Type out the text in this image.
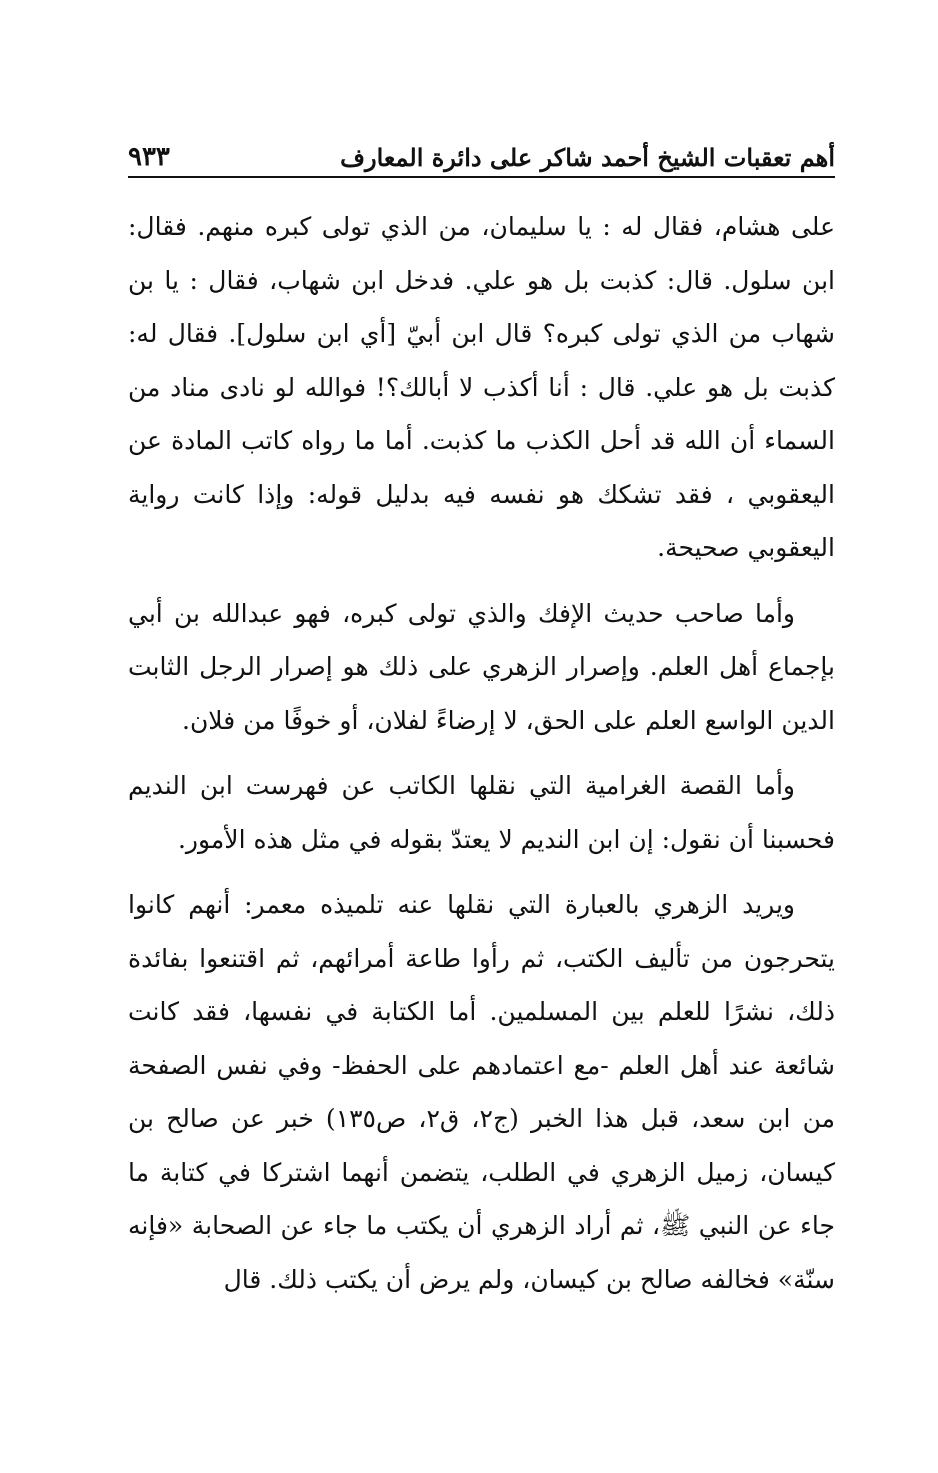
أهم تعقبات الشيخ أحمد شاكر على دائرة المعارف
٩٣٣

على هشام، فقال له : يا سليمان، من الذي تولى كبره منهم. فقال: ابن سلول. قال: كذبت بل هو علي. فدخل ابن شهاب، فقال : يا بن شهاب من الذي تولى كبره؟ قال ابن أبيّ [أي ابن سلول]. فقال له: كذبت بل هو علي. قال : أنا أكذب لا أبالك؟! فوالله لو نادى مناد من السماء أن الله قد أحل الكذب ما كذبت. أما ما رواه كاتب المادة عن اليعقوبي ، فقد تشكك هو نفسه فيه بدليل قوله: وإذا كانت رواية اليعقوبي صحيحة.

وأما صاحب حديث الإفك والذي تولى كبره، فهو عبدالله بن أبي بإجماع أهل العلم. وإصرار الزهري على ذلك هو إصرار الرجل الثابت الدين الواسع العلم على الحق، لا إرضاءً لفلان، أو خوفًا من فلان.

وأما القصة الغرامية التي نقلها الكاتب عن فهرست ابن النديم فحسبنا أن نقول: إن ابن النديم لا يعتدّ بقوله في مثل هذه الأمور.

ويريد الزهري بالعبارة التي نقلها عنه تلميذه معمر: أنهم كانوا يتحرجون من تأليف الكتب، ثم رأوا طاعة أمرائهم، ثم اقتنعوا بفائدة ذلك، نشرًا للعلم بين المسلمين. أما الكتابة في نفسها، فقد كانت شائعة عند أهل العلم -مع اعتمادهم على الحفظ- وفي نفس الصفحة من ابن سعد، قبل هذا الخبر (ج٢، ق٢، ص١٣٥) خبر عن صالح بن كيسان، زميل الزهري في الطلب، يتضمن أنهما اشتركا في كتابة ما جاء عن النبي ﷺ، ثم أراد الزهري أن يكتب ما جاء عن الصحابة «فإنه سنّة» فخالفه صالح بن كيسان، ولم يرض أن يكتب ذلك. قال
